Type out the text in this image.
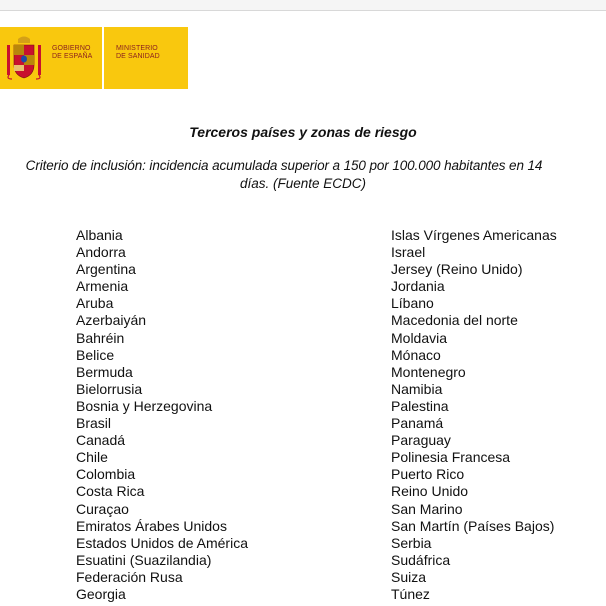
GOBIERNO
DE ESPAÑA
MINISTERIO
DE SANIDAD
Terceros países y zonas de riesgo
Criterio de inclusión: incidencia acumulada superior a 150 por 100.000 habitantes en 14
días. (Fuente ECDC)
Albania
Andorra
Argentina
Armenia
Aruba
Azerbaiyán
Bahréin
Belice
Bermuda
Bielorrusia
Bosnia y Herzegovina
Brasil
Canadá
Chile
Colombia
Costa Rica
Curaçao
Emiratos Árabes Unidos
Estados Unidos de América
Esuatini (Suazilandia)
Federación Rusa
Georgia
Islas Vírgenes Americanas
Israel
Jersey (Reino Unido)
Jordania
Líbano
Macedonia del norte
Moldavia
Mónaco
Montenegro
Namibia
Palestina
Panamá
Paraguay
Polinesia Francesa
Puerto Rico
Reino Unido
San Marino
San Martín (Países Bajos)
Serbia
Sudáfrica
Suiza
Túnez
